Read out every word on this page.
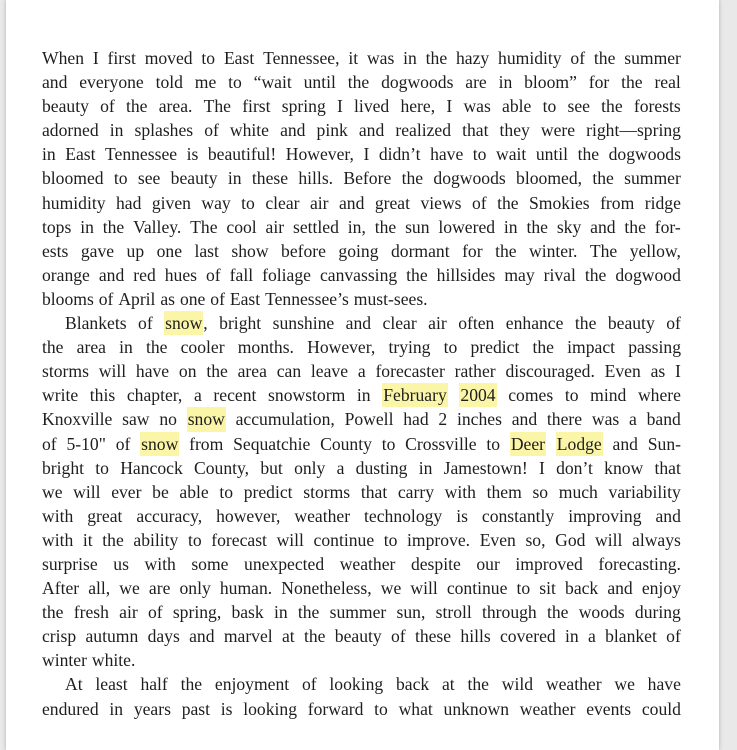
When I first moved to East Tennessee, it was in the hazy humidity of the summer
and everyone told me to “wait until the dogwoods are in bloom” for the real
beauty of the area. The first spring I lived here, I was able to see the forests
adorned in splashes of white and pink and realized that they were right—spring
in East Tennessee is beautiful! However, I didn’t have to wait until the dogwoods
bloomed to see beauty in these hills. Before the dogwoods bloomed, the summer
humidity had given way to clear air and great views of the Smokies from ridge
tops in the Valley. The cool air settled in, the sun lowered in the sky and the for-
ests gave up one last show before going dormant for the winter. The yellow,
orange and red hues of fall foliage canvassing the hillsides may rival the dogwood
blooms of April as one of East Tennessee’s must-sees.
Blankets of snow , bright sunshine and clear air often enhance the beauty of
the area in the cooler months. However, trying to predict the impact passing
storms will have on the area can leave a forecaster rather discouraged. Even as I
write this chapter, a recent snowstorm in February 2004 comes to mind where
Knoxville saw no snow accumulation, Powell had 2 inches and there was a band
of 5-10" of snow from Sequatchie County to Crossville to Deer Lodge and Sun-
bright to Hancock County, but only a dusting in Jamestown! I don’t know that
we will ever be able to predict storms that carry with them so much variability
with great accuracy, however, weather technology is constantly improving and
with it the ability to forecast will continue to improve. Even so, God will always
surprise us with some unexpected weather despite our improved forecasting.
After all, we are only human. Nonetheless, we will continue to sit back and enjoy
the fresh air of spring, bask in the summer sun, stroll through the woods during
crisp autumn days and marvel at the beauty of these hills covered in a blanket of
winter white.
At least half the enjoyment of looking back at the wild weather we have
endured in years past is looking forward to what unknown weather events could
